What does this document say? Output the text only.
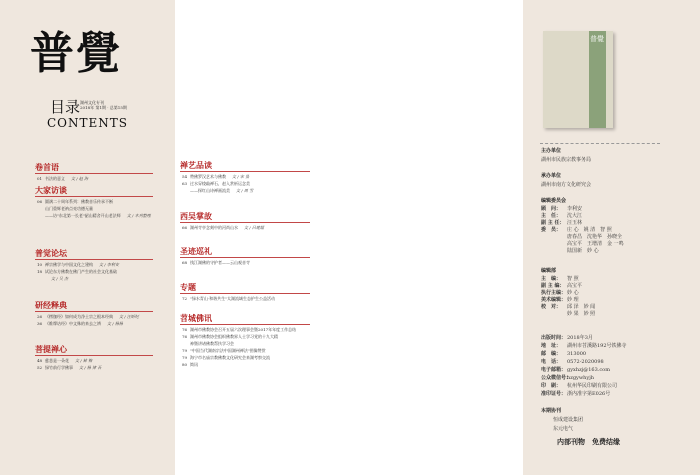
普覺
目录 湖州文化专刊
2018年 第1期 · 总第15期
CONTENTS
卷首语
01 书法的意义 文 / 赵 海
大家访谈
06 圆满二十周年系列：佛教音乐传承不断
山门重辉老衲点亮功德无量
——访"东北第一长老"韶山精舍开山老法师 文 / 本刊整理
普觉论坛
10 禅宗佛学与中国文化之建构 文 / 李利安
18 试论东方佛教在佛门产生的社会文化基础
文 / 吴 杰
研经释典
26 《楞伽经》如何成为净土宗之根本经典 文 / 汪昕纪
36 《维摩诘经》中文殊的来去之辨 文 / 杨杨
菩提禅心
48 慈悲是一朵花 文 / 林 梅
52 绿竹前行学佛事 文 / 杨 律 吾
禅艺品读
54 赞佛罗汉艺术与佛教 文 / 宋 景
63 过水穿梭敲禅石，赵入赏析运念美
——探红山诗禅画流美 文 / 周 雪
西吴掌故
66 湖州寺亭念刻中的河尚山水 文 / 吕建超
圣迹巡礼
68 钱江湖佛的守护者——云山观音寺
专题
72 "绿水青山·和谐共生"太湖流域生态护生公益活动
苕城佛讯
76 湖州市佛教协会召开五届六次理事会暨2017年年度工作总结
76 湖州市佛教协会组织佛教界人士学习党的十九大精
神暨讲诸佛教帮扶学习会
79 "中国当代湖南宗法中国湖州禅法"图像赞赏
79 海宁市名庙宗教佛教文化研究会来湖考察交流
80 简讯
普覺
主办单位
湖州市民族宗教事务局
承办单位
湖州市南方文化研究会
编辑委员会
顾　问： 李利安
主　任： 沈大江
副 主 任： 汪玉林
委　员： 庄 心　姚 清　智 照
唐春昌　沈艳华　孙晓全
高宝平　王增清　金 一鸣
陆国新　妙 心
编辑部
主　编： 智 照
副 主 编： 高宝平
执行主编：妙 心
美术编辑：妙 理
校　对： 邱 泽　妙 闻
妙 果　妙 照
出版时间：2018年3月
地　址： 湖州市苕溪路192号铁佛寺
邮　编： 313000
电　话： 0572-2020098
电子邮箱：gyxhzj@163.com
公众微信号：hzgywhyjh
印　刷： 杭州华民印刷有限公司
准印证号：浙内准字第E026号
本期协刊
恒成建设集团
东元电气
内部刊物　免费结缘
